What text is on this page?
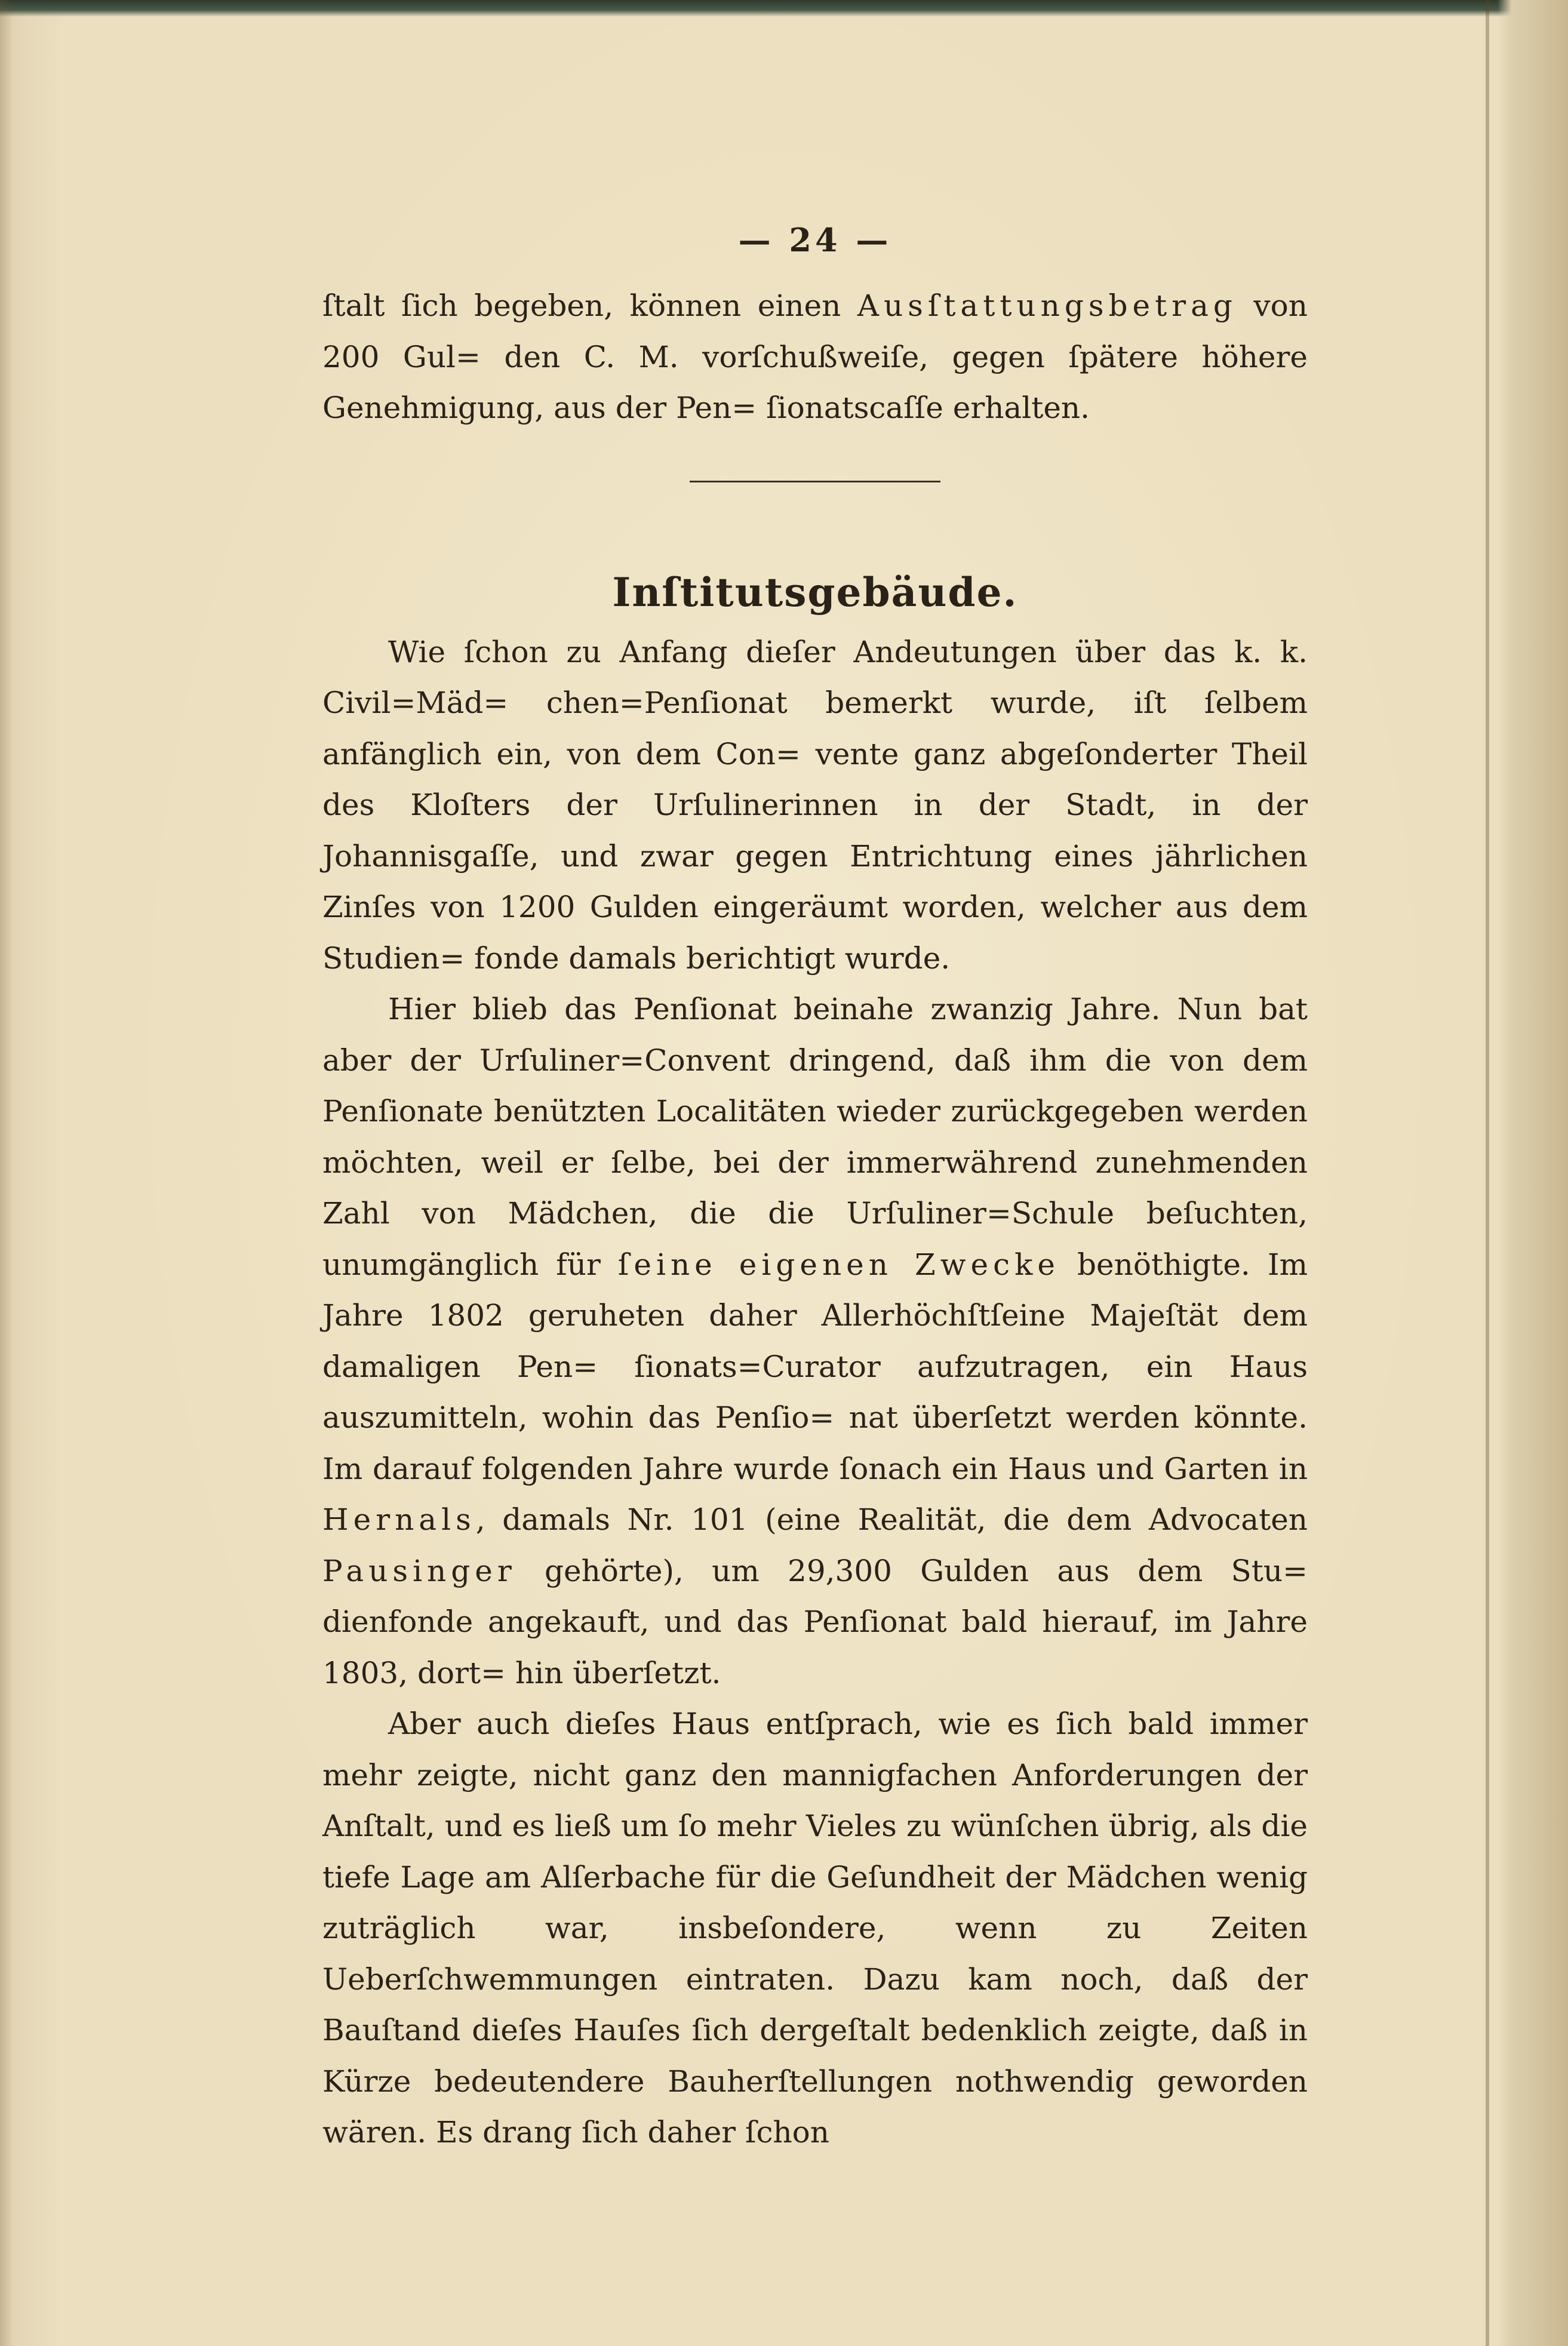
— 24 —

ſtalt ſich begeben, können einen Ausſtattungsbetrag von 200 Gul= den C. M. vorſchußweiſe, gegen ſpätere höhere Genehmigung, aus der Pen= ſionatscaſſe erhalten.

Inſtitutsgebäude.

Wie ſchon zu Anfang dieſer Andeutungen über das k. k. Civil=Mäd= chen=Penſionat bemerkt wurde, iſt ſelbem anfänglich ein, von dem Con= vente ganz abgeſonderter Theil des Kloſters der Urſulinerinnen in der Stadt, in der Johannisgaſſe, und zwar gegen Entrichtung eines jährlichen Zinſes von 1200 Gulden eingeräumt worden, welcher aus dem Studien= fonde damals berichtigt wurde.

Hier blieb das Penſionat beinahe zwanzig Jahre. Nun bat aber der Urſuliner=Convent dringend, daß ihm die von dem Penſionate benützten Localitäten wieder zurückgegeben werden möchten, weil er ſelbe, bei der immerwährend zunehmenden Zahl von Mädchen, die die Urſuliner=Schule beſuchten, unumgänglich für ſeine eigenen Zwecke benöthigte. Im Jahre 1802 geruheten daher Allerhöchſtſeine Majeſtät dem damaligen Pen= ſionats=Curator aufzutragen, ein Haus auszumitteln, wohin das Penſio= nat überſetzt werden könnte. Im darauf folgenden Jahre wurde ſonach ein Haus und Garten in Hernals, damals Nr. 101 (eine Realität, die dem Advocaten Pausinger gehörte), um 29,300 Gulden aus dem Stu= dienfonde angekauft, und das Penſionat bald hierauf, im Jahre 1803, dort= hin überſetzt.

Aber auch dieſes Haus entſprach, wie es ſich bald immer mehr zeigte, nicht ganz den mannigfachen Anforderungen der Anſtalt, und es ließ um ſo mehr Vieles zu wünſchen übrig, als die tiefe Lage am Alſerbache für die Geſundheit der Mädchen wenig zuträglich war, insbeſondere, wenn zu Zeiten Ueberſchwemmungen eintraten. Dazu kam noch, daß der Bauſtand dieſes Hauſes ſich dergeſtalt bedenklich zeigte, daß in Kürze bedeutendere Bauherſtellungen nothwendig geworden wären. Es drang ſich daher ſchon
